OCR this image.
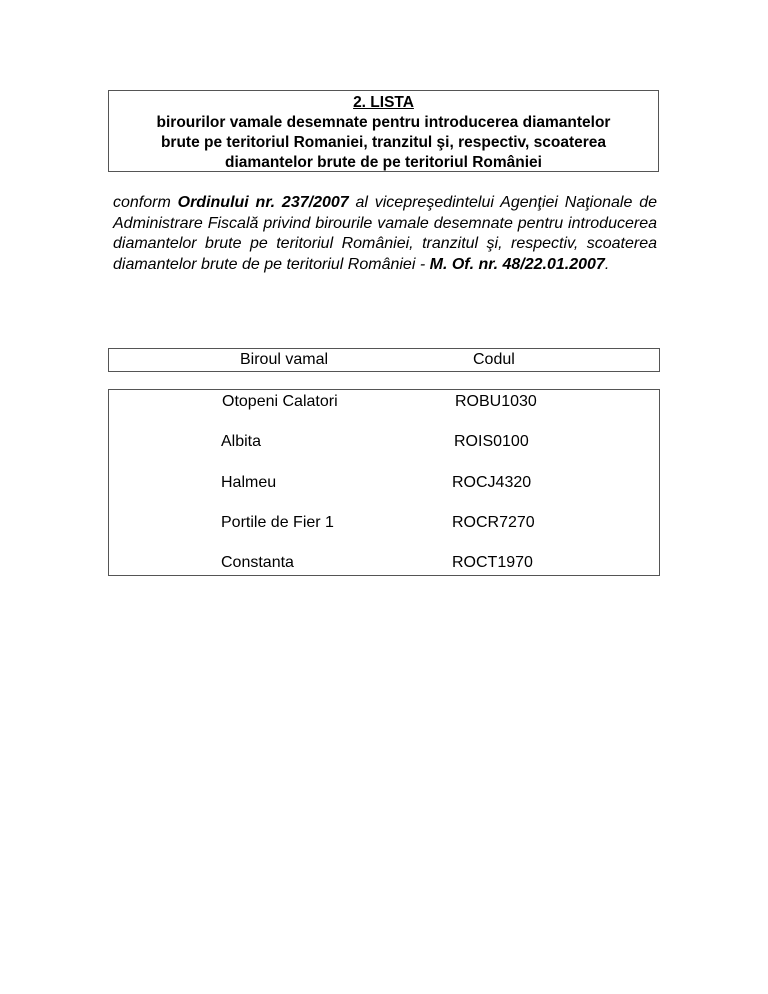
2. LISTA
birourilor vamale desemnate pentru introducerea diamantelor
brute pe teritoriul Romaniei, tranzitul şi, respectiv, scoaterea
diamantelor brute de pe teritoriul României
conform Ordinului nr. 237/2007 al vicepreşedintelui Agenţiei Naţionale de Administrare Fiscală privind birourile vamale desemnate pentru introducerea diamantelor brute pe teritoriul României, tranzitul şi, respectiv, scoaterea diamantelor brute de pe teritoriul României - M. Of. nr. 48/22.01.2007.
Biroul vamal	Codul
Otopeni Calatori	ROBU1030
Albita	ROIS0100
Halmeu	ROCJ4320
Portile de Fier 1	ROCR7270
Constanta	ROCT1970
